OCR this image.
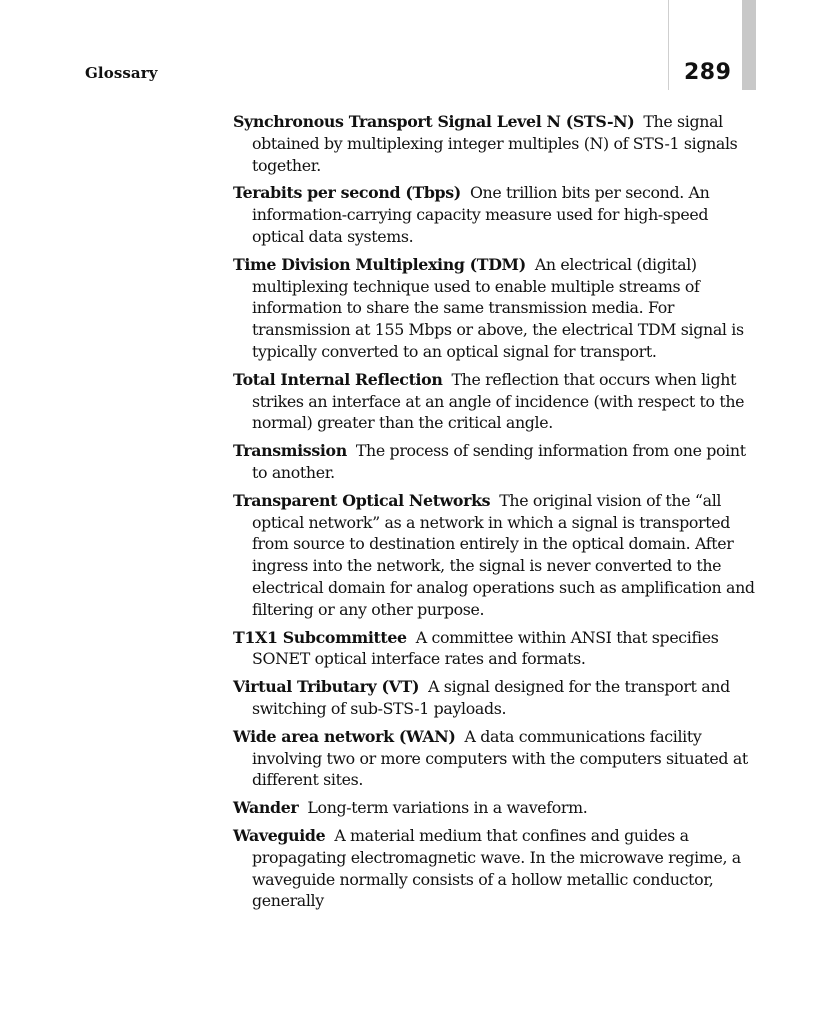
Glossary	289

Synchronous Transport Signal Level N (STS-N) The signal obtained by multiplexing integer multiples (N) of STS-1 signals together.

Terabits per second (Tbps) One trillion bits per second. An information-carrying capacity measure used for high-speed optical data systems.

Time Division Multiplexing (TDM) An electrical (digital) multiplexing technique used to enable multiple streams of information to share the same transmission media. For transmission at 155 Mbps or above, the electrical TDM signal is typically converted to an optical signal for transport.

Total Internal Reflection The reflection that occurs when light strikes an interface at an angle of incidence (with respect to the normal) greater than the critical angle.

Transmission The process of sending information from one point to another.

Transparent Optical Networks The original vision of the “all optical network” as a network in which a signal is transported from source to destination entirely in the optical domain. After ingress into the network, the signal is never converted to the electrical domain for analog operations such as amplification and filtering or any other purpose.

T1X1 Subcommittee A committee within ANSI that specifies SONET optical interface rates and formats.

Virtual Tributary (VT) A signal designed for the transport and switching of sub-STS-1 payloads.

Wide area network (WAN) A data communications facility involving two or more computers with the computers situated at different sites.

Wander Long-term variations in a waveform.

Waveguide A material medium that confines and guides a propagating electromagnetic wave. In the microwave regime, a waveguide normally consists of a hollow metallic conductor, generally
